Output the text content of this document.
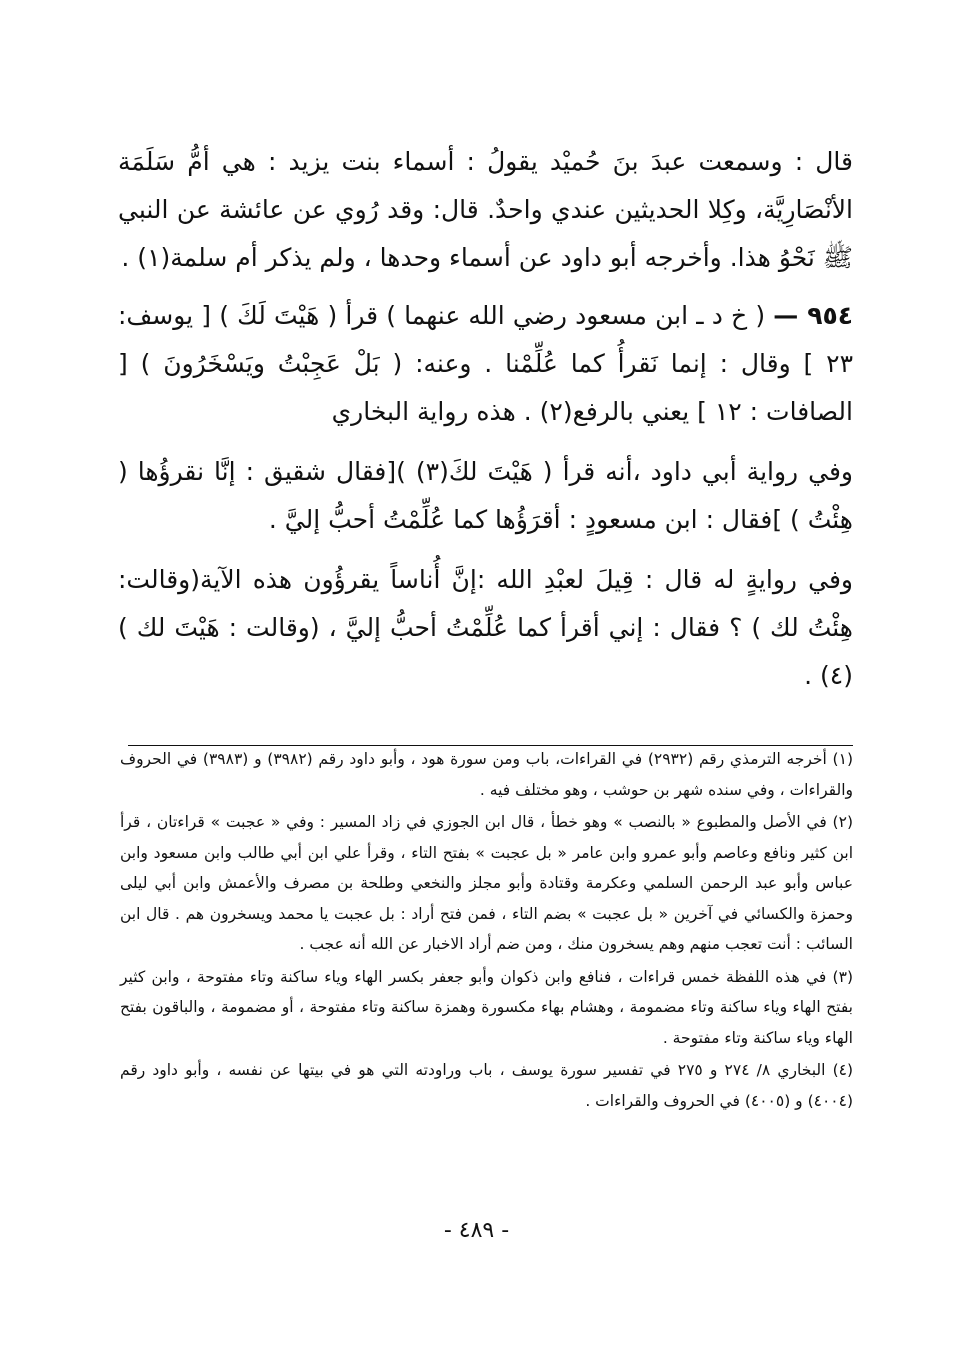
قال : وسمعت عبدَ بنَ حُميْد يقولُ : أسماء بنت يزيد : هي أمُّ سَلَمَة الأنْصَارِيَّة، وكِلا الحديثين عندي واحدٌ. قال: وقد رُوي عن عائشة عن النبي ﷺ نَحْوُ هذا. وأخرجه أبو داود عن أسماء وحدها ، ولم يذكر أم سلمة(١) .

٩٥٤ — ( خ د ـ ابن مسعود رضي الله عنهما ) قرأ ( هَيْتَ لَكَ ) [ يوسف: ٢٣ ] وقال : إنما نَقرأُ كما عُلِّمْنا . وعنه: ( بَلْ عَجِبْتُ ويَسْخَرُونَ ) [ الصافات : ١٢ ] يعني بالرفع(٢) . هذه رواية البخاري

وفي رواية أبي داود ،أنه قرأ ( هَيْتَ لكَ(٣) )[فقال شقيق : إنَّا نقرؤُها ( هِئْتُ ) ]فقال : ابن مسعودٍ : أقرَؤُها كما عُلِّمْتُ أحبُّ إليَّ .

وفي روايةٍ له قال : قِيلَ لعبْدِ الله :إنَّ أُناساً يقرؤُون هذه الآية(وقالت: هِئْتُ لك ) ؟ فقال : إني أقرأ كما عُلِّمْتُ أحبُّ إليَّ ، (وقالت : هَيْتَ لك )(٤) .

(١) أخرجه الترمذي رقم (٢٩٣٢) في القراءات، باب ومن سورة هود ، وأبو داود رقم (٣٩٨٢) و (٣٩٨٣) في الحروف والقراءات ، وفي سنده شهر بن حوشب ، وهو مختلف فيه .

(٢) في الأصل والمطبوع « بالنصب » وهو خطأ ، قال ابن الجوزي في زاد المسير : وفي « عجبت » قراءتان ، قرأ ابن كثير ونافع وعاصم وأبو عمرو وابن عامر « بل عجبت » بفتح التاء ، وقرأ علي ابن أبي طالب وابن مسعود وابن عباس وأبو عبد الرحمن السلمي وعكرمة وقتادة وأبو مجلز والنخعي وطلحة بن مصرف والأعمش وابن أبي ليلى وحمزة والكسائي في آخرين « بل عجبت » بضم التاء ، فمن فتح أراد : بل عجبت يا محمد ويسخرون هم . قال ابن السائب : أنت تعجب منهم وهم يسخرون منك ، ومن ضم أراد الاخبار عن الله أنه عجب .

(٣) في هذه اللفظة خمس قراءات ، فنافع وابن ذكوان وأبو جعفر بكسر الهاء وياء ساكنة وتاء مفتوحة ، وابن كثير بفتح الهاء وياء ساكنة وتاء مضمومة ، وهشام بهاء مكسورة وهمزة ساكنة وتاء مفتوحة ، أو مضمومة ، والباقون بفتح الهاء وياء ساكنة وتاء مفتوحة .

(٤) البخاري ٨/ ٢٧٤ و ٢٧٥ في تفسير سورة يوسف ، باب وراودته التي هو في بيتها عن نفسه ، وأبو داود رقم (٤٠٠٤) و (٤٠٠٥) في الحروف والقراءات .

- ٤٨٩ -
